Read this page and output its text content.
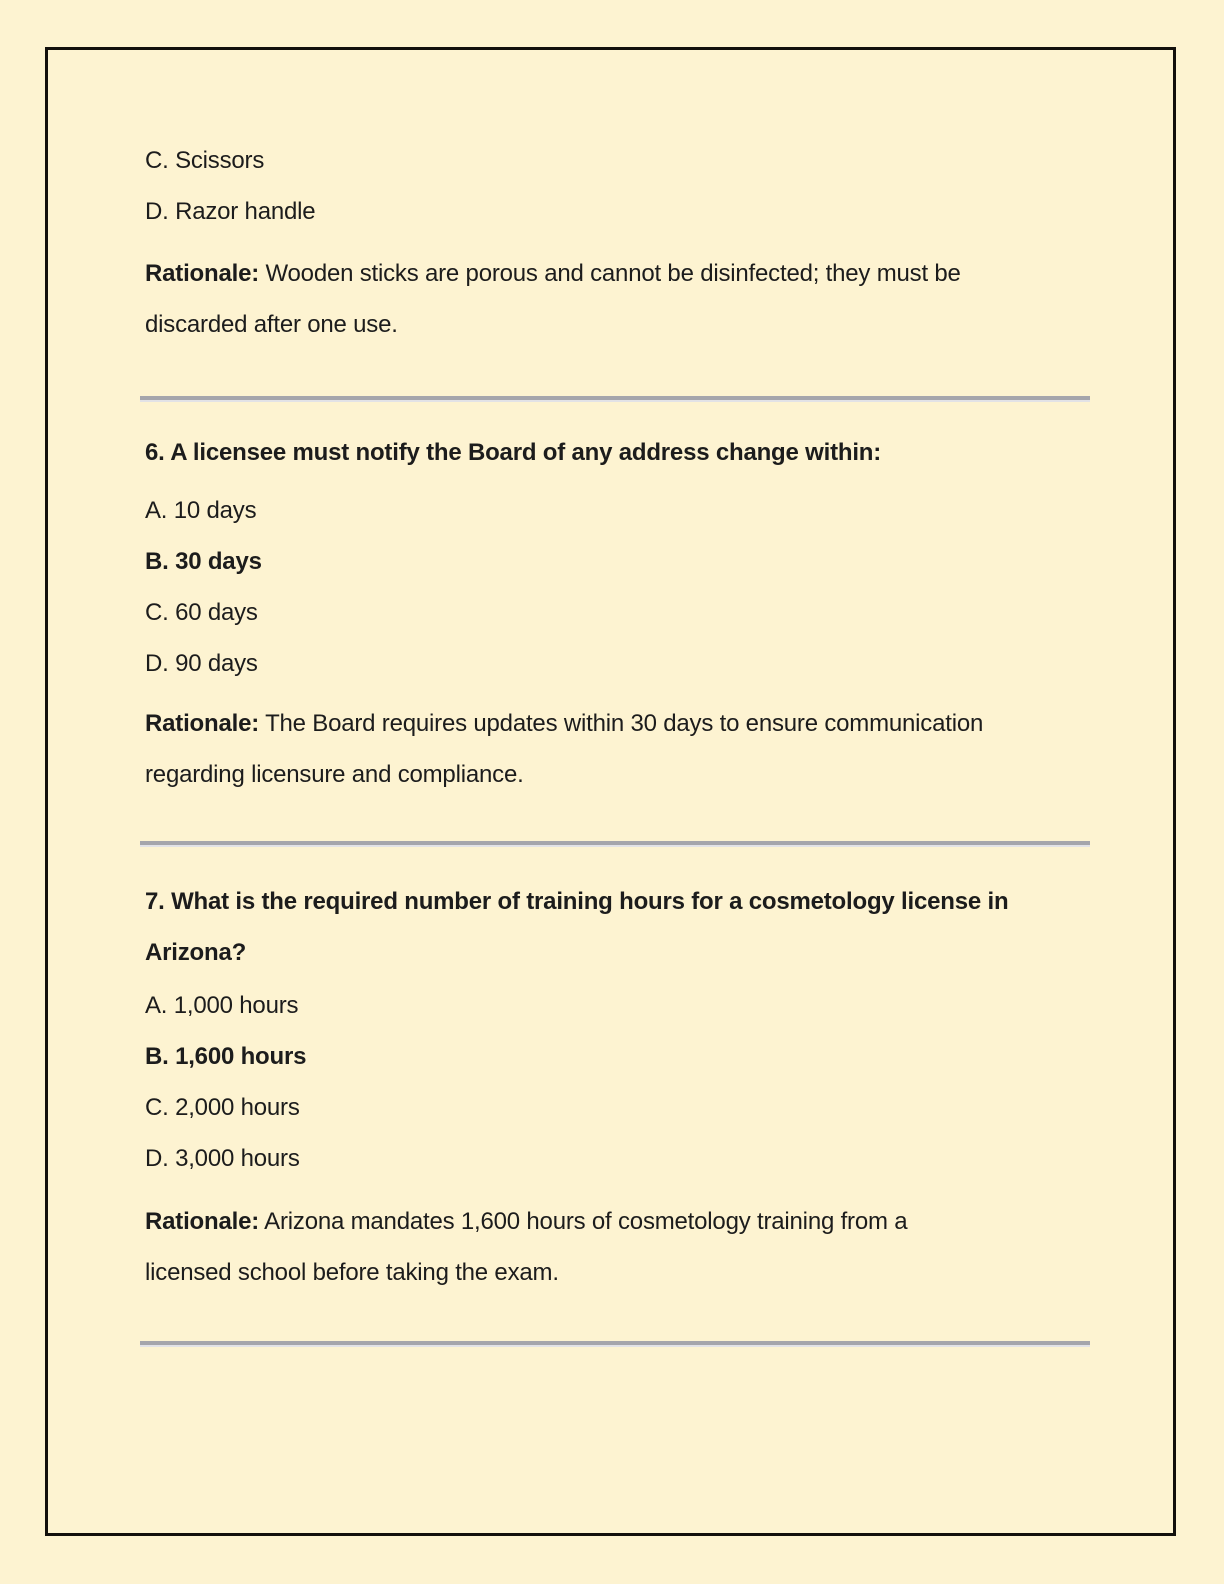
C. Scissors
D. Razor handle
Rationale: Wooden sticks are porous and cannot be disinfected; they must be
discarded after one use.
6. A licensee must notify the Board of any address change within:
A. 10 days
B. 30 days
C. 60 days
D. 90 days
Rationale: The Board requires updates within 30 days to ensure communication
regarding licensure and compliance.
7. What is the required number of training hours for a cosmetology license in
Arizona?
A. 1,000 hours
B. 1,600 hours
C. 2,000 hours
D. 3,000 hours
Rationale: Arizona mandates 1,600 hours of cosmetology training from a
licensed school before taking the exam.
